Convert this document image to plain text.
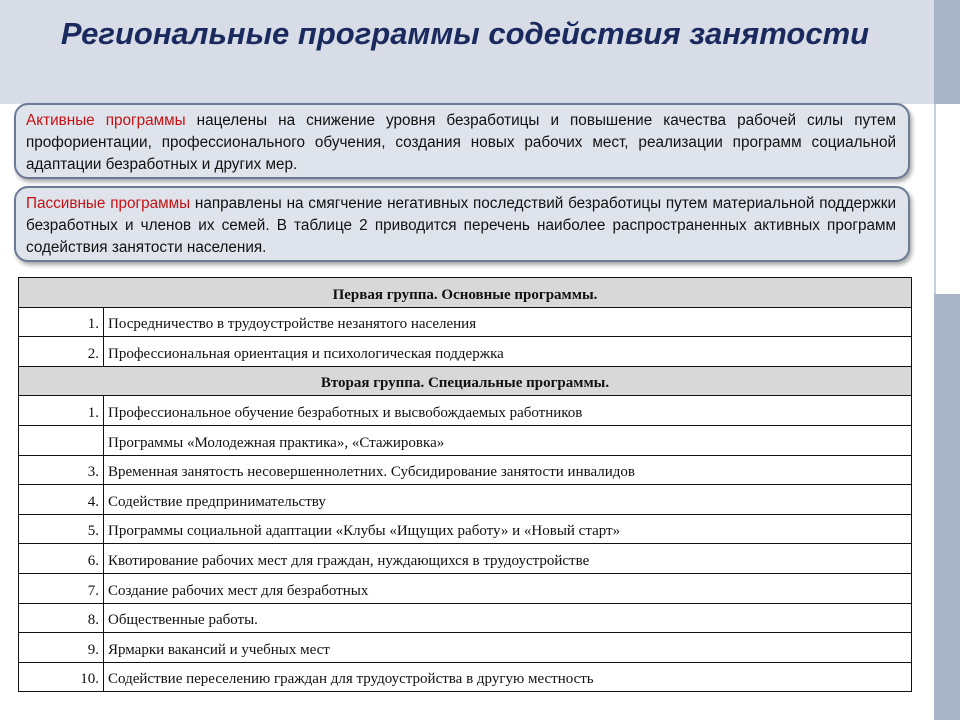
Региональные программы содействия занятости
Активные программы нацелены на снижение уровня безработицы и повышение качества рабочей силы путем профориентации, профессионального обучения, создания новых рабочих мест, реализации программ социальной адаптации безработных и других мер.
Пассивные программы направлены на смягчение негативных последствий безработицы путем материальной поддержки безработных и членов их семей. В таблице 2 приводится перечень наиболее распространенных активных программ содействия занятости населения.
Первая группа. Основные программы.	
1.	Посредничество в трудоустройстве незанятого населения
2.	Профессиональная ориентация и психологическая поддержка
Вторая группа. Специальные программы.	
1.	Профессиональное обучение безработных и высвобождаемых работников
	Программы «Молодежная практика», «Стажировка»
3.	Временная занятость несовершеннолетних. Субсидирование занятости инвалидов
4.	Содействие предпринимательству
5.	Программы социальной адаптации «Клубы «Ищущих работу» и «Новый старт»
6.	Квотирование рабочих мест для граждан, нуждающихся в трудоустройстве
7.	Создание рабочих мест для безработных
8.	Общественные работы.
9.	Ярмарки вакансий и учебных мест
10.	Содействие переселению граждан для трудоустройства в другую местность
